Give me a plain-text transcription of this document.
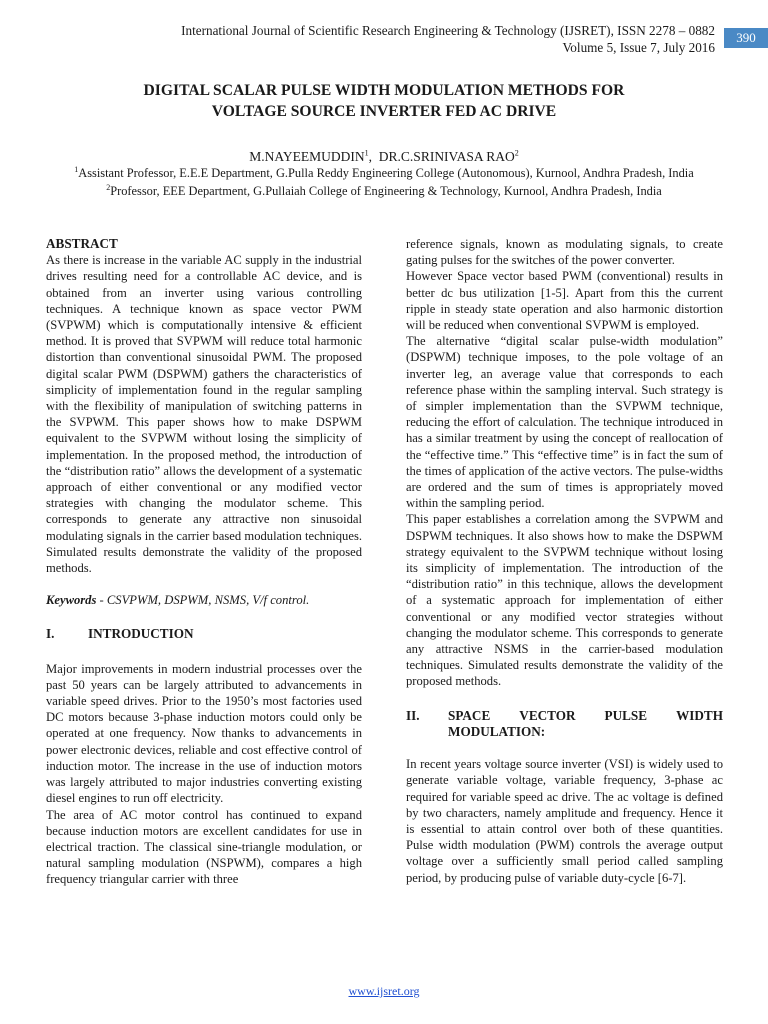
International Journal of Scientific Research Engineering & Technology (IJSRET), ISSN 2278 – 0882
Volume 5, Issue 7, July 2016
390
DIGITAL SCALAR PULSE WIDTH MODULATION METHODS FOR
VOLTAGE SOURCE INVERTER FED AC DRIVE
M.NAYEEMUDDIN$^1$,  DR.C.SRINIVASA RAO$^2$
$^1$Assistant Professor, E.E.E Department, G.Pulla Reddy Engineering College (Autonomous), Kurnool, Andhra Pradesh, India
$^2$Professor, EEE Department, G.Pullaiah College of Engineering & Technology, Kurnool, Andhra Pradesh, India

ABSTRACT

As there is increase in the variable AC supply in the industrial drives resulting need for a controllable AC device, and is obtained from an inverter using various controlling techniques. A technique known as space vector PWM (SVPWM) which is computationally intensive & efficient method. It is proved that SVPWM will reduce total harmonic distortion than conventional sinusoidal PWM. The proposed digital scalar PWM (DSPWM) gathers the characteristics of simplicity of implementation found in the regular sampling with the flexibility of manipulation of switching patterns in the SVPWM. This paper shows how to make DSPWM equivalent to the SVPWM without losing the simplicity of implementation. In the proposed method, the introduction of the “distribution ratio” allows the development of a systematic approach of either conventional or any modified vector strategies with changing the modulator scheme. This corresponds to generate any attractive non sinusoidal modulating signals in the carrier based modulation techniques. Simulated results demonstrate the validity of the proposed methods.

Keywords - CSVPWM, DSPWM, NSMS, V/f control.

I.	INTRODUCTION

Major improvements in modern industrial processes over the past 50 years can be largely attributed to advancements in variable speed drives. Prior to the 1950’s most factories used DC motors because 3-phase induction motors could only be operated at one frequency. Now thanks to advancements in power electronic devices, reliable and cost effective control of induction motor. The increase in the use of induction motors was largely attributed to major industries converting existing diesel engines to run off electricity.

The area of AC motor control has continued to expand because induction motors are excellent candidates for use in electrical traction. The classical sine-triangle modulation, or natural sampling modulation (NSPWM), compares a high frequency triangular carrier with three

reference signals, known as modulating signals, to create gating pulses for the switches of the power converter.

However Space vector based PWM (conventional) results in better dc bus utilization [1-5]. Apart from this the current ripple in steady state operation and also harmonic distortion will be reduced when conventional SVPWM is employed.

The alternative “digital scalar pulse-width modulation” (DSPWM) technique imposes, to the pole voltage of an inverter leg, an average value that corresponds to each reference phase within the sampling interval. Such strategy is of simpler implementation than the SVPWM technique, reducing the effort of calculation. The technique introduced in has a similar treatment by using the concept of reallocation of the “effective time.” This “effective time” is in fact the sum of the times of application of the active vectors. The pulse-widths are ordered and the sum of times is appropriately moved within the sampling period.

This paper establishes a correlation among the SVPWM and DSPWM techniques. It also shows how to make the DSPWM strategy equivalent to the SVPWM technique without losing its simplicity of implementation. The introduction of the “distribution ratio” in this technique, allows the development of a systematic approach for implementation of either conventional or any modified vector strategies without changing the modulator scheme. This corresponds to generate any attractive NSMS in the carrier-based modulation techniques. Simulated results demonstrate the validity of the proposed methods.

II.	SPACE VECTOR PULSE WIDTH
MODULATION:

In recent years voltage source inverter (VSI) is widely used to generate variable voltage, variable frequency, 3-phase ac required for variable speed ac drive. The ac voltage is defined by two characters, namely amplitude and frequency. Hence it is essential to attain control over both of these quantities. Pulse width modulation (PWM) controls the average output voltage over a sufficiently small period called sampling period, by producing pulse of variable duty-cycle [6-7].

www.ijsret.org
